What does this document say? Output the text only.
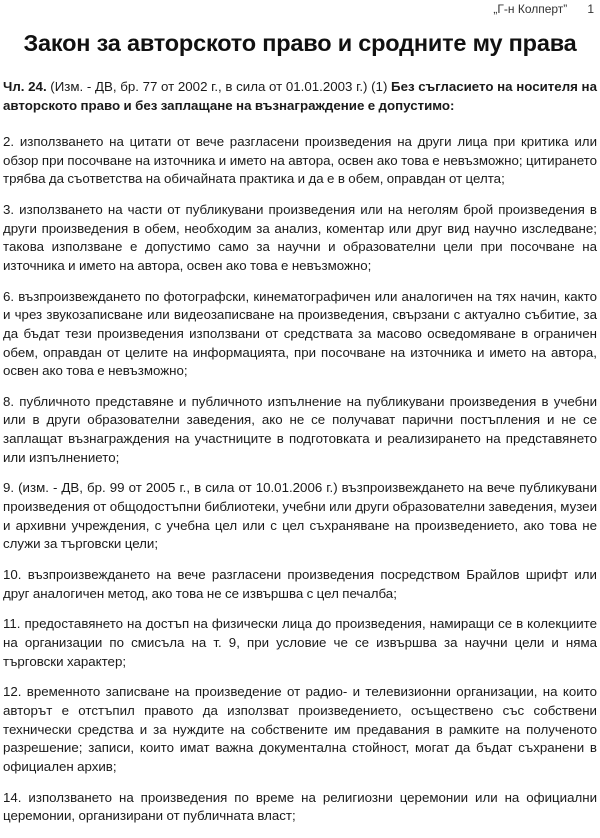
„Г-н Колперт” 1
Закон за авторското право и сродните му права

Чл. 24. (Изм. - ДВ, бр. 77 от 2002 г., в сила от 01.01.2003 г.) (1) Без съгласието на носителя на авторското право и без заплащане на възнаграждение е допустимо:

2. използването на цитати от вече разгласени произведения на други лица при критика или обзор при посочване на източника и името на автора, освен ако това е невъзможно; цитирането трябва да съответства на обичайната практика и да е в обем, оправдан от целта;

3. използването на части от публикувани произведения или на неголям брой произведения в други произведения в обем, необходим за анализ, коментар или друг вид научно изследване; такова използване е допустимо само за научни и образователни цели при посочване на източника и името на автора, освен ако това е невъзможно;

6. възпроизвеждането по фотографски, кинематографичен или аналогичен на тях начин, както и чрез звукозаписване или видеозаписване на произведения, свързани с актуално събитие, за да бъдат тези произведения използвани от средствата за масово осведомяване в ограничен обем, оправдан от целите на информацията, при посочване на източника и името на автора, освен ако това е невъзможно;

8. публичното представяне и публичното изпълнение на публикувани произведения в учебни или в други образователни заведения, ако не се получават парични постъпления и не се заплащат възнаграждения на участниците в подготовката и реализирането на представянето или изпълнението;

9. (изм. - ДВ, бр. 99 от 2005 г., в сила от 10.01.2006 г.) възпроизвеждането на вече публикувани произведения от общодостъпни библиотеки, учебни или други образователни заведения, музеи и архивни учреждения, с учебна цел или с цел съхраняване на произведението, ако това не служи за търговски цели;

10. възпроизвеждането на вече разгласени произведения посредством Брайлов шрифт или друг аналогичен метод, ако това не се извършва с цел печалба;

11. предоставянето на достъп на физически лица до произведения, намиращи се в колекциите на организации по смисъла на т. 9, при условие че се извършва за научни цели и няма търговски характер;

12. временното записване на произведение от радио- и телевизионни организации, на които авторът е отстъпил правото да използват произведението, осъществено със собствени технически средства и за нуждите на собствените им предавания в рамките на полученото разрешение; записи, които имат важна документална стойност, могат да бъдат съхранени в официален архив;

14. използването на произведения по време на религиозни церемонии или на официални церемонии, организирани от публичната власт;
